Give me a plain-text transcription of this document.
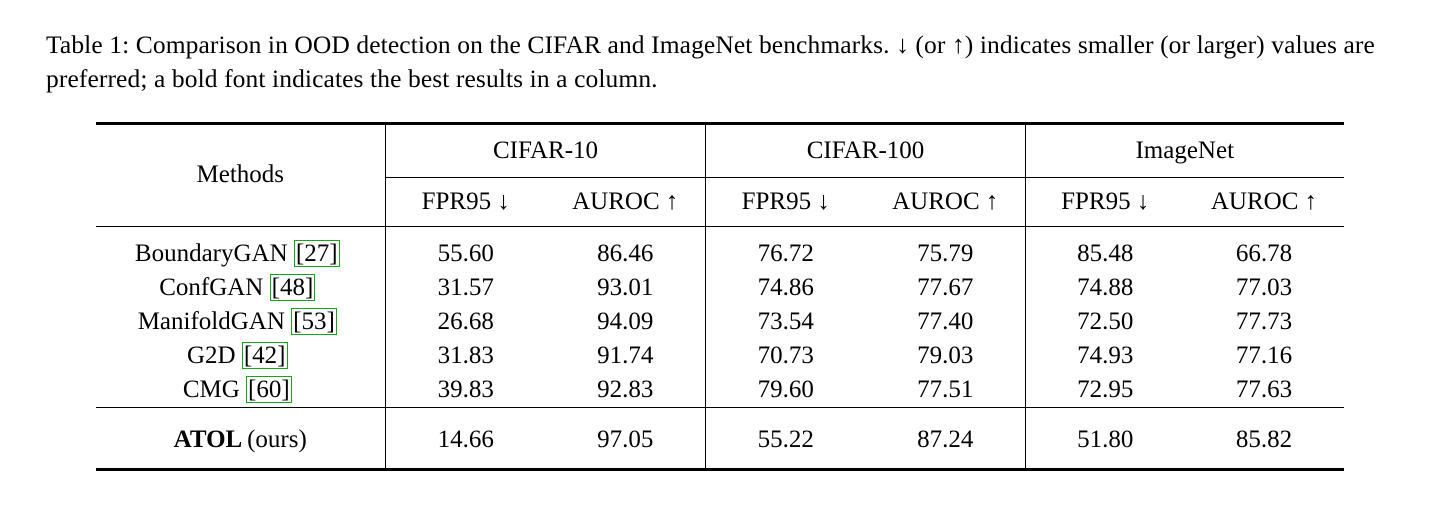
Table 1: Comparison in OOD detection on the CIFAR and ImageNet benchmarks. ↓ (or ↑) indicates smaller (or larger) values are preferred; a bold font indicates the best results in a column.
Methods	CIFAR-10		CIFAR-100		ImageNet	
	FPR95 ↓	AUROC ↑	FPR95 ↓	AUROC ↑	FPR95 ↓	AUROC ↑

BoundaryGAN [27]	55.60	86.46	76.72	75.79	85.48	66.78
ConfGAN [48]	31.57	93.01	74.86	77.67	74.88	77.03
ManifoldGAN [53]	26.68	94.09	73.54	77.40	72.50	77.73
G2D [42]	31.83	91.74	70.73	79.03	74.93	77.16
CMG [60]	39.83	92.83	79.60	77.51	72.95	77.63

ATOL (ours)	14.66	97.05	55.22	87.24	51.80	85.82
